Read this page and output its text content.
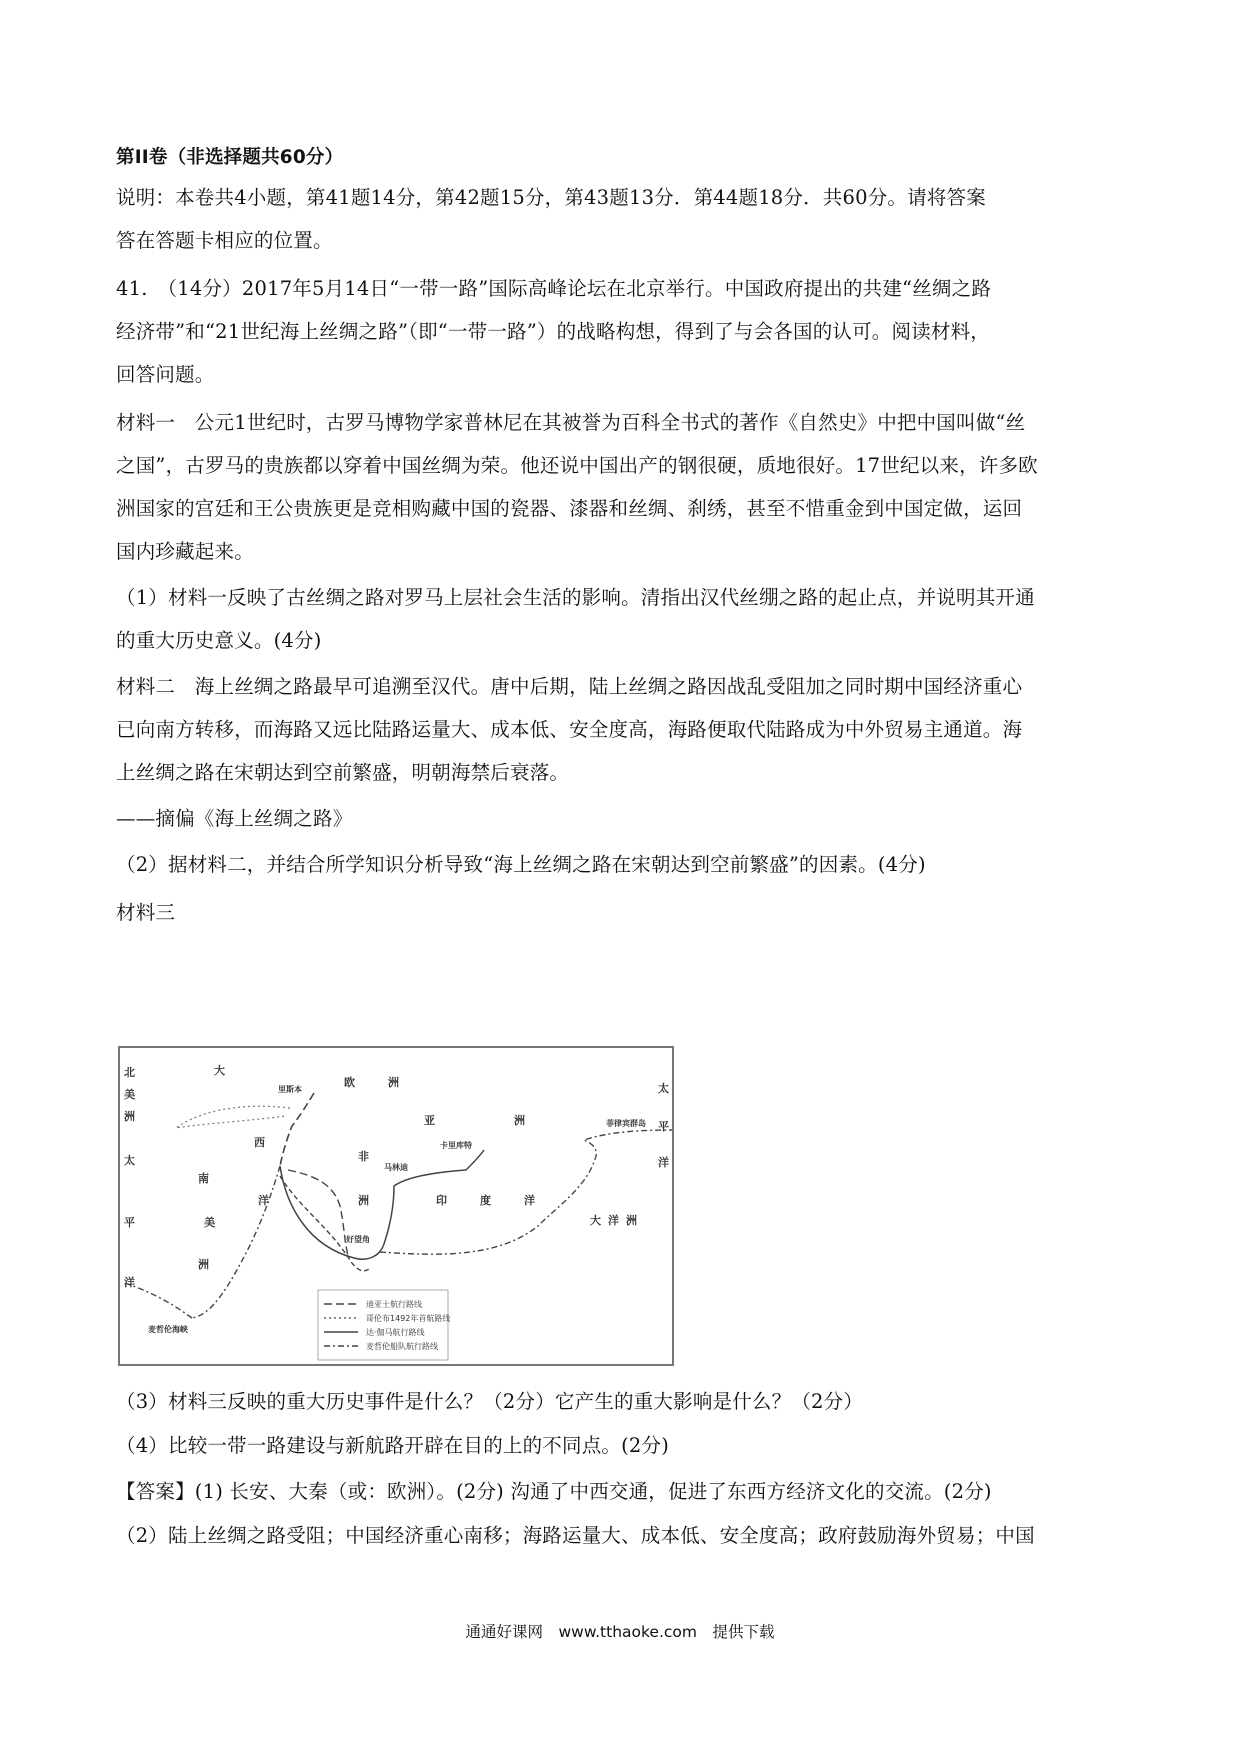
第II卷（非选择题共60分）
说明：本卷共4小题，第41题14分，第42题15分，第43题13分．第44题18分．共60分。请将答案
答在答题卡相应的位置。
41.　（14分）2017年5月14日“一带一路”国际高峰论坛在北京举行。中国政府提出的共建“丝绸之路
经济带”和“21世纪海上丝绸之路”（即“一带一路”）的战略构想，得到了与会各国的认可。阅读材料，
回答问题。
材料一　公元1世纪时，古罗马博物学家普林尼在其被誉为百科全书式的著作《自然史》中把中国叫做“丝
之国”，古罗马的贵族都以穿着中国丝绸为荣。他还说中国出产的钢很硬，质地很好。17世纪以来，许多欧
洲国家的宫廷和王公贵族更是竞相购藏中国的瓷器、漆器和丝绸、刹绣，甚至不惜重金到中国定做，运回
国内珍藏起来。
（1）材料一反映了古丝绸之路对罗马上层社会生活的影响。清指出汉代丝绷之路的起止点，并说明其开通
的重大历史意义。(4分)
材料二　海上丝绸之路最早可追溯至汉代。唐中后期，陆上丝绸之路因战乱受阻加之同时期中国经济重心
已向南方转移，而海路又远比陆路运量大、成本低、安全度高，海路便取代陆路成为中外贸易主通道。海
上丝绸之路在宋朝达到空前繁盛，明朝海禁后衰落。
——摘偏《海上丝绸之路》
（2）据材料二，并结合所学知识分析导致“海上丝绸之路在宋朝达到空前繁盛”的因素。(4分)
材料三
北
美
洲
大
西
洋
欧	洲
亚	洲
非
洲
南
美
洲
太
平
洋
印	度	洋
太
平
洋
大 洋 洲
里斯本
卡里库特
马林迪
好望角
麦哲伦海峡
菲律宾群岛
迪亚士航行路线
哥伦布1492年首航路线
达·伽马航行路线
麦哲伦船队航行路线
（3）材料三反映的重大历史事件是什么？（2分）它产生的重大影响是什么？（2分）
（4）比较一带一路建设与新航路开辟在目的上的不同点。(2分)
【答案】(1) 长安、大秦（或：欧洲）。(2分) 沟通了中西交通，促进了东西方经济文化的交流。(2分)
（2）陆上丝绸之路受阻；中国经济重心南移；海路运量大、成本低、安全度高；政府鼓励海外贸易；中国
通通好课网　www.tthaoke.com　提供下载
